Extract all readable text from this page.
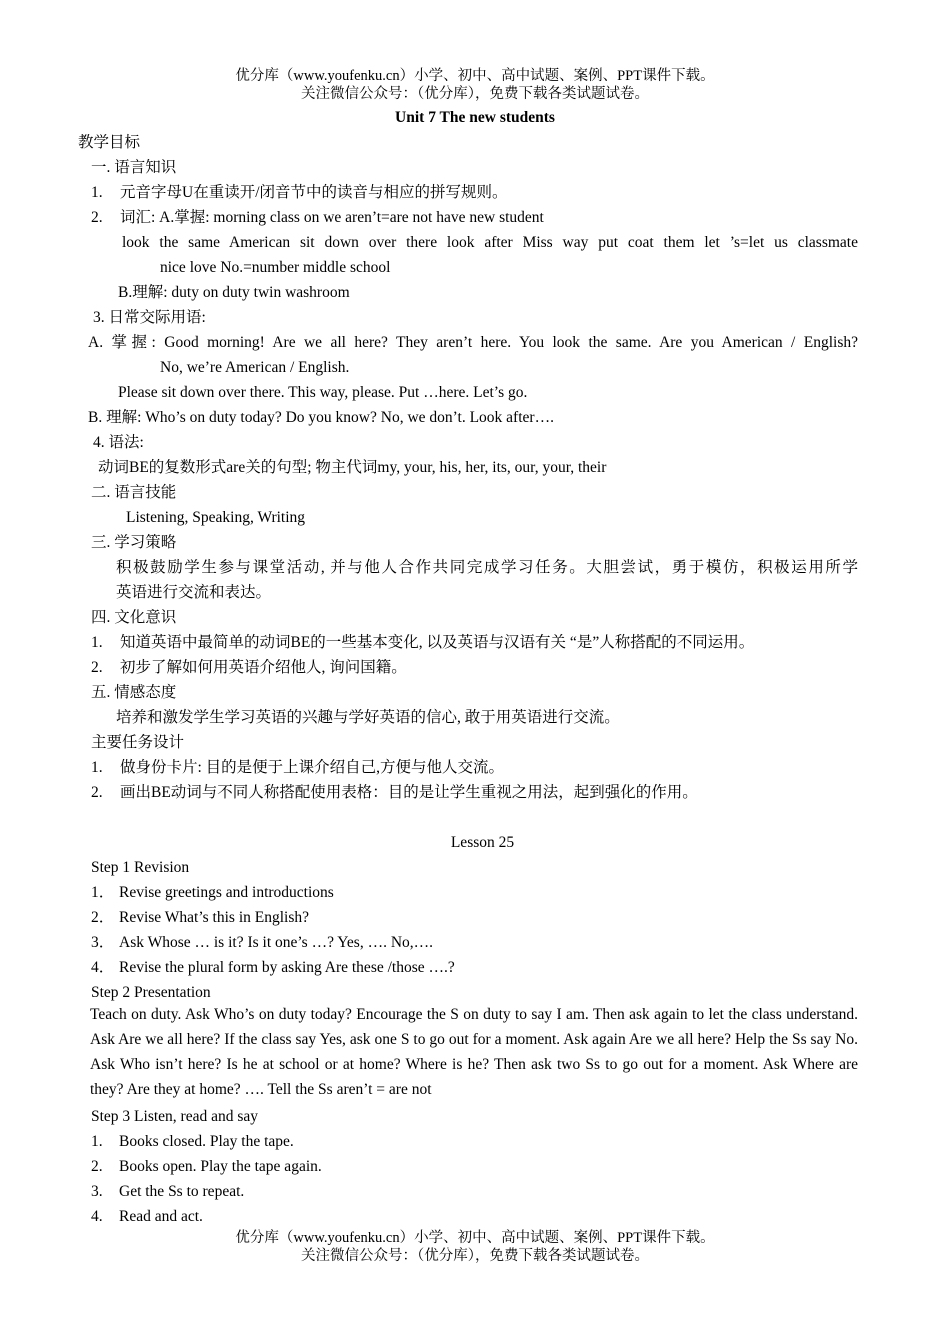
优分库（www.youfenku.cn）小学、初中、高中试题、案例、PPT课件下载。
关注微信公众号：（优分库），免费下载各类试题试卷。
Unit 7 The new students
教学目标
一. 语言知识
1. 元音字母U在重读开/闭音节中的读音与相应的拼写规则。
2. 词汇: A.掌握: morning class on we aren’t=are not have new student
look the same American sit down over there look after Miss way put coat them let ’s=let us classmate
nice love No.=number middle school
B.理解: duty on duty twin washroom
3. 日常交际用语:
A. 掌握: Good morning! Are we all here? They aren’t here. You look the same. Are you American / English?
No, we’re American / English.
Please sit down over there. This way, please. Put …here. Let’s go.
B. 理解: Who’s on duty today? Do you know? No, we don’t. Look after….
4. 语法:
动词BE的复数形式are关的句型; 物主代词my, your, his, her, its, our, your, their
二. 语言技能
Listening, Speaking, Writing
三. 学习策略
积极鼓励学生参与课堂活动, 并与他人合作共同完成学习任务。大胆尝试，勇于模仿，积极运用所学
英语进行交流和表达。
四. 文化意识
1. 知道英语中最简单的动词BE的一些基本变化, 以及英语与汉语有关 “是”人称搭配的不同运用。
2. 初步了解如何用英语介绍他人, 询问国籍。
五. 情感态度
培养和激发学生学习英语的兴趣与学好英语的信心, 敢于用英语进行交流。
主要任务设计
1. 做身份卡片: 目的是便于上课介绍自己,方便与他人交流。
2. 画出BE动词与不同人称搭配使用表格：目的是让学生重视之用法，起到强化的作用。
Lesson 25
Step 1 Revision
1． Revise greetings and introductions
2． Revise What’s this in English?
3． Ask Whose … is it? Is it one’s …? Yes, …. No,….
4． Revise the plural form by asking Are these /those ….?
Step 2 Presentation
Teach on duty. Ask Who’s on duty today? Encourage the S on duty to say I am. Then ask again to let the class understand. Ask Are we all here? If the class say Yes, ask one S to go out for a moment. Ask again Are we all here? Help the Ss say No. Ask Who isn’t here? Is he at school or at home? Where is he? Then ask two Ss to go out for a moment. Ask Where are they? Are they at home? …. Tell the Ss aren’t = are not
Step 3 Listen, read and say
1. Books closed. Play the tape.
2. Books open. Play the tape again.
3. Get the Ss to repeat.
4. Read and act.
优分库（www.youfenku.cn）小学、初中、高中试题、案例、PPT课件下载。
关注微信公众号：（优分库），免费下载各类试题试卷。
